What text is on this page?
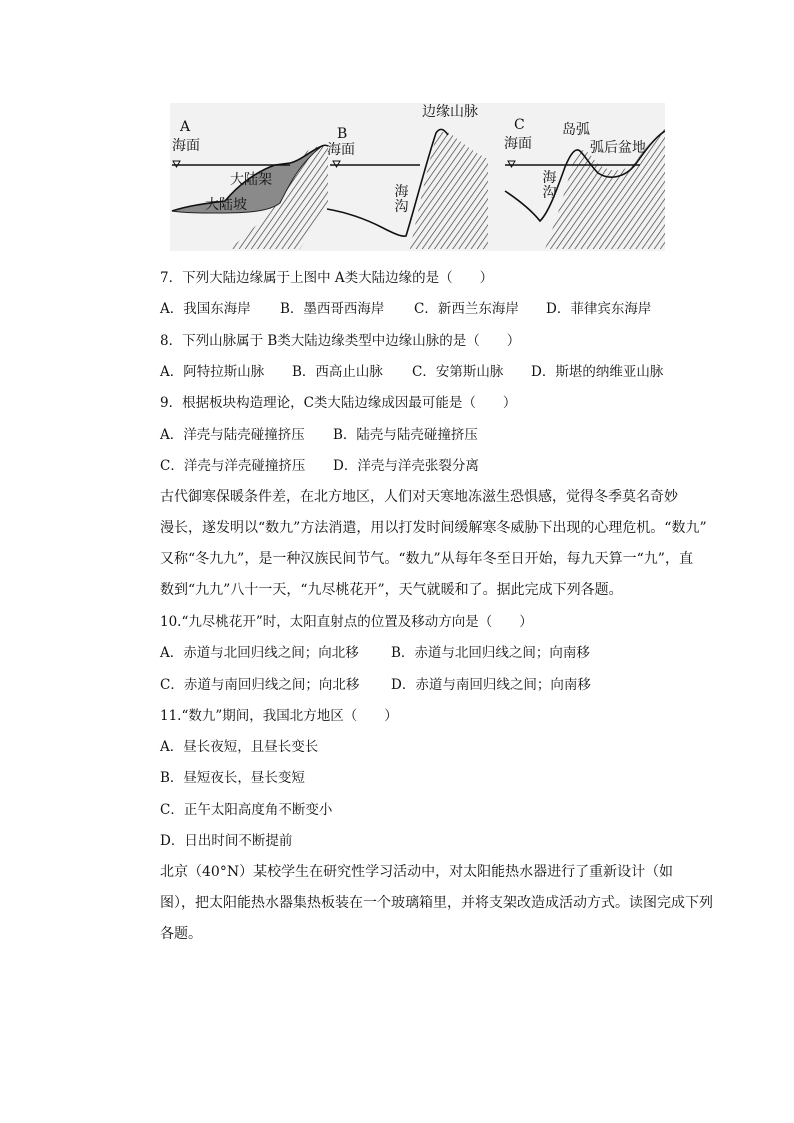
A
海面
大陆架
大陆坡
B
海面
边缘山脉
海沟
C
海面
岛弧
弧后盆地
海沟
7．下列大陆边缘属于上图中 A类大陆边缘的是（　　）
A．我国东海岸 B．墨西哥西海岸 C．新西兰东海岸 D．菲律宾东海岸
8．下列山脉属于 B类大陆边缘类型中边缘山脉的是（　　）
A．阿特拉斯山脉 B．西高止山脉 C．安第斯山脉 D．斯堪的纳维亚山脉
9．根据板块构造理论，C类大陆边缘成因最可能是（　　）
A．洋壳与陆壳碰撞挤压 B．陆壳与陆壳碰撞挤压
C．洋壳与洋壳碰撞挤压 D．洋壳与洋壳张裂分离
古代御寒保暖条件差，在北方地区，人们对天寒地冻滋生恐惧感，觉得冬季莫名奇妙
漫长，遂发明以“数九”方法消遣，用以打发时间缓解寒冬威胁下出现的心理危机。“数九”
又称“冬九九”，是一种汉族民间节气。“数九”从每年冬至日开始，每九天算一“九”，直
数到“九九”八十一天，“九尽桃花开”，天气就暖和了。据此完成下列各题。
10.“九尽桃花开”时，太阳直射点的位置及移动方向是（　　）
A．赤道与北回归线之间；向北移 B．赤道与北回归线之间；向南移
C．赤道与南回归线之间；向北移 D．赤道与南回归线之间；向南移
11.“数九”期间，我国北方地区（　　）
A．昼长夜短，且昼长变长
B．昼短夜长，昼长变短
C．正午太阳高度角不断变小
D．日出时间不断提前
北京（40°N）某校学生在研究性学习活动中，对太阳能热水器进行了重新设计（如
图），把太阳能热水器集热板装在一个玻璃箱里，并将支架改造成活动方式。读图完成下列
各题。
